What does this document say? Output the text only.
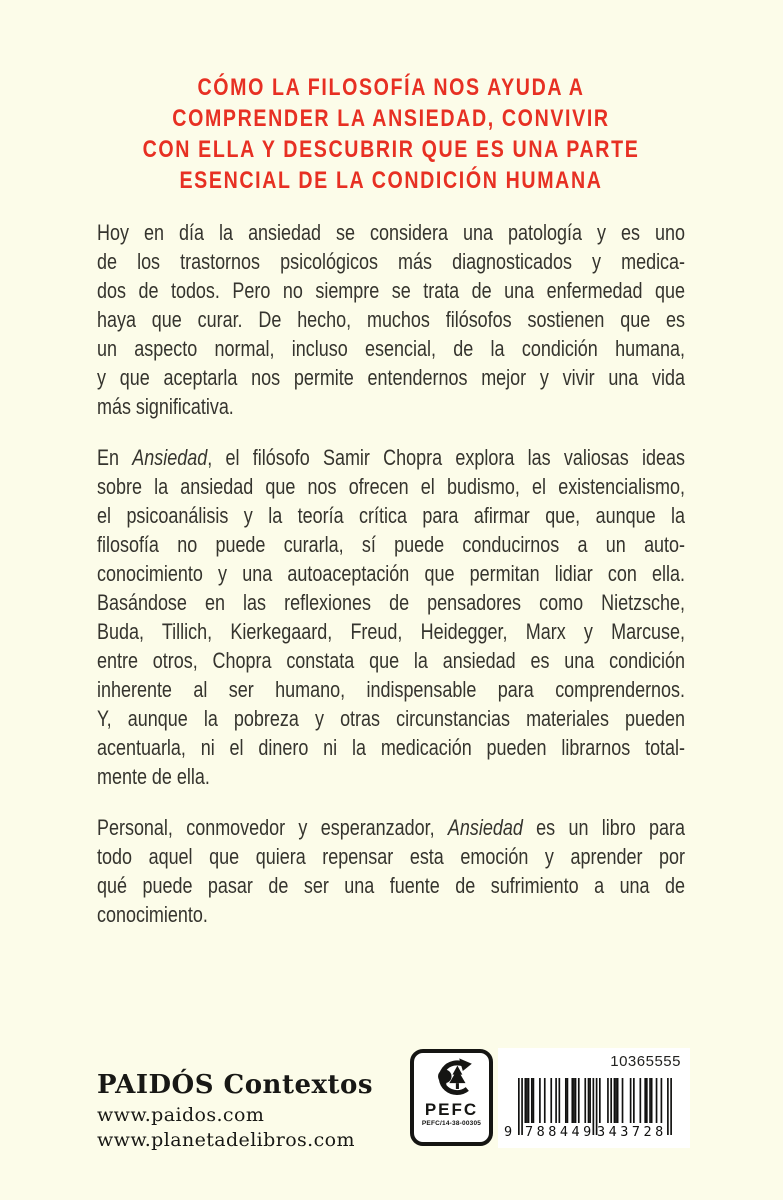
CÓMO LA FILOSOFÍA NOS AYUDA A
COMPRENDER LA ANSIEDAD, CONVIVIR
CON ELLA Y DESCUBRIR QUE ES UNA PARTE
ESENCIAL DE LA CONDICIÓN HUMANA
Hoy en día la ansiedad se considera una patología y es uno
de los trastornos psicológicos más diagnosticados y medica-
dos de todos. Pero no siempre se trata de una enfermedad que
haya que curar. De hecho, muchos filósofos sostienen que es
un aspecto normal, incluso esencial, de la condición humana,
y que aceptarla nos permite entendernos mejor y vivir una vida
más significativa.
En Ansiedad, el filósofo Samir Chopra explora las valiosas ideas
sobre la ansiedad que nos ofrecen el budismo, el existencialismo,
el psicoanálisis y la teoría crítica para afirmar que, aunque la
filosofía no puede curarla, sí puede conducirnos a un auto-
conocimiento y una autoaceptación que permitan lidiar con ella.
Basándose en las reflexiones de pensadores como Nietzsche,
Buda, Tillich, Kierkegaard, Freud, Heidegger, Marx y Marcuse,
entre otros, Chopra constata que la ansiedad es una condición
inherente al ser humano, indispensable para comprendernos.
Y, aunque la pobreza y otras circunstancias materiales pueden
acentuarla, ni el dinero ni la medicación pueden librarnos total-
mente de ella.
Personal, conmovedor y esperanzador, Ansiedad es un libro para
todo aquel que quiera repensar esta emoción y aprender por
qué puede pasar de ser una fuente de sufrimiento a una de
conocimiento.
PAIDÓS Contextos
www.paidos.com
www.planetadelibros.com
PEFC
PEFC/14-38-00305
10365555
9 788449 343728
